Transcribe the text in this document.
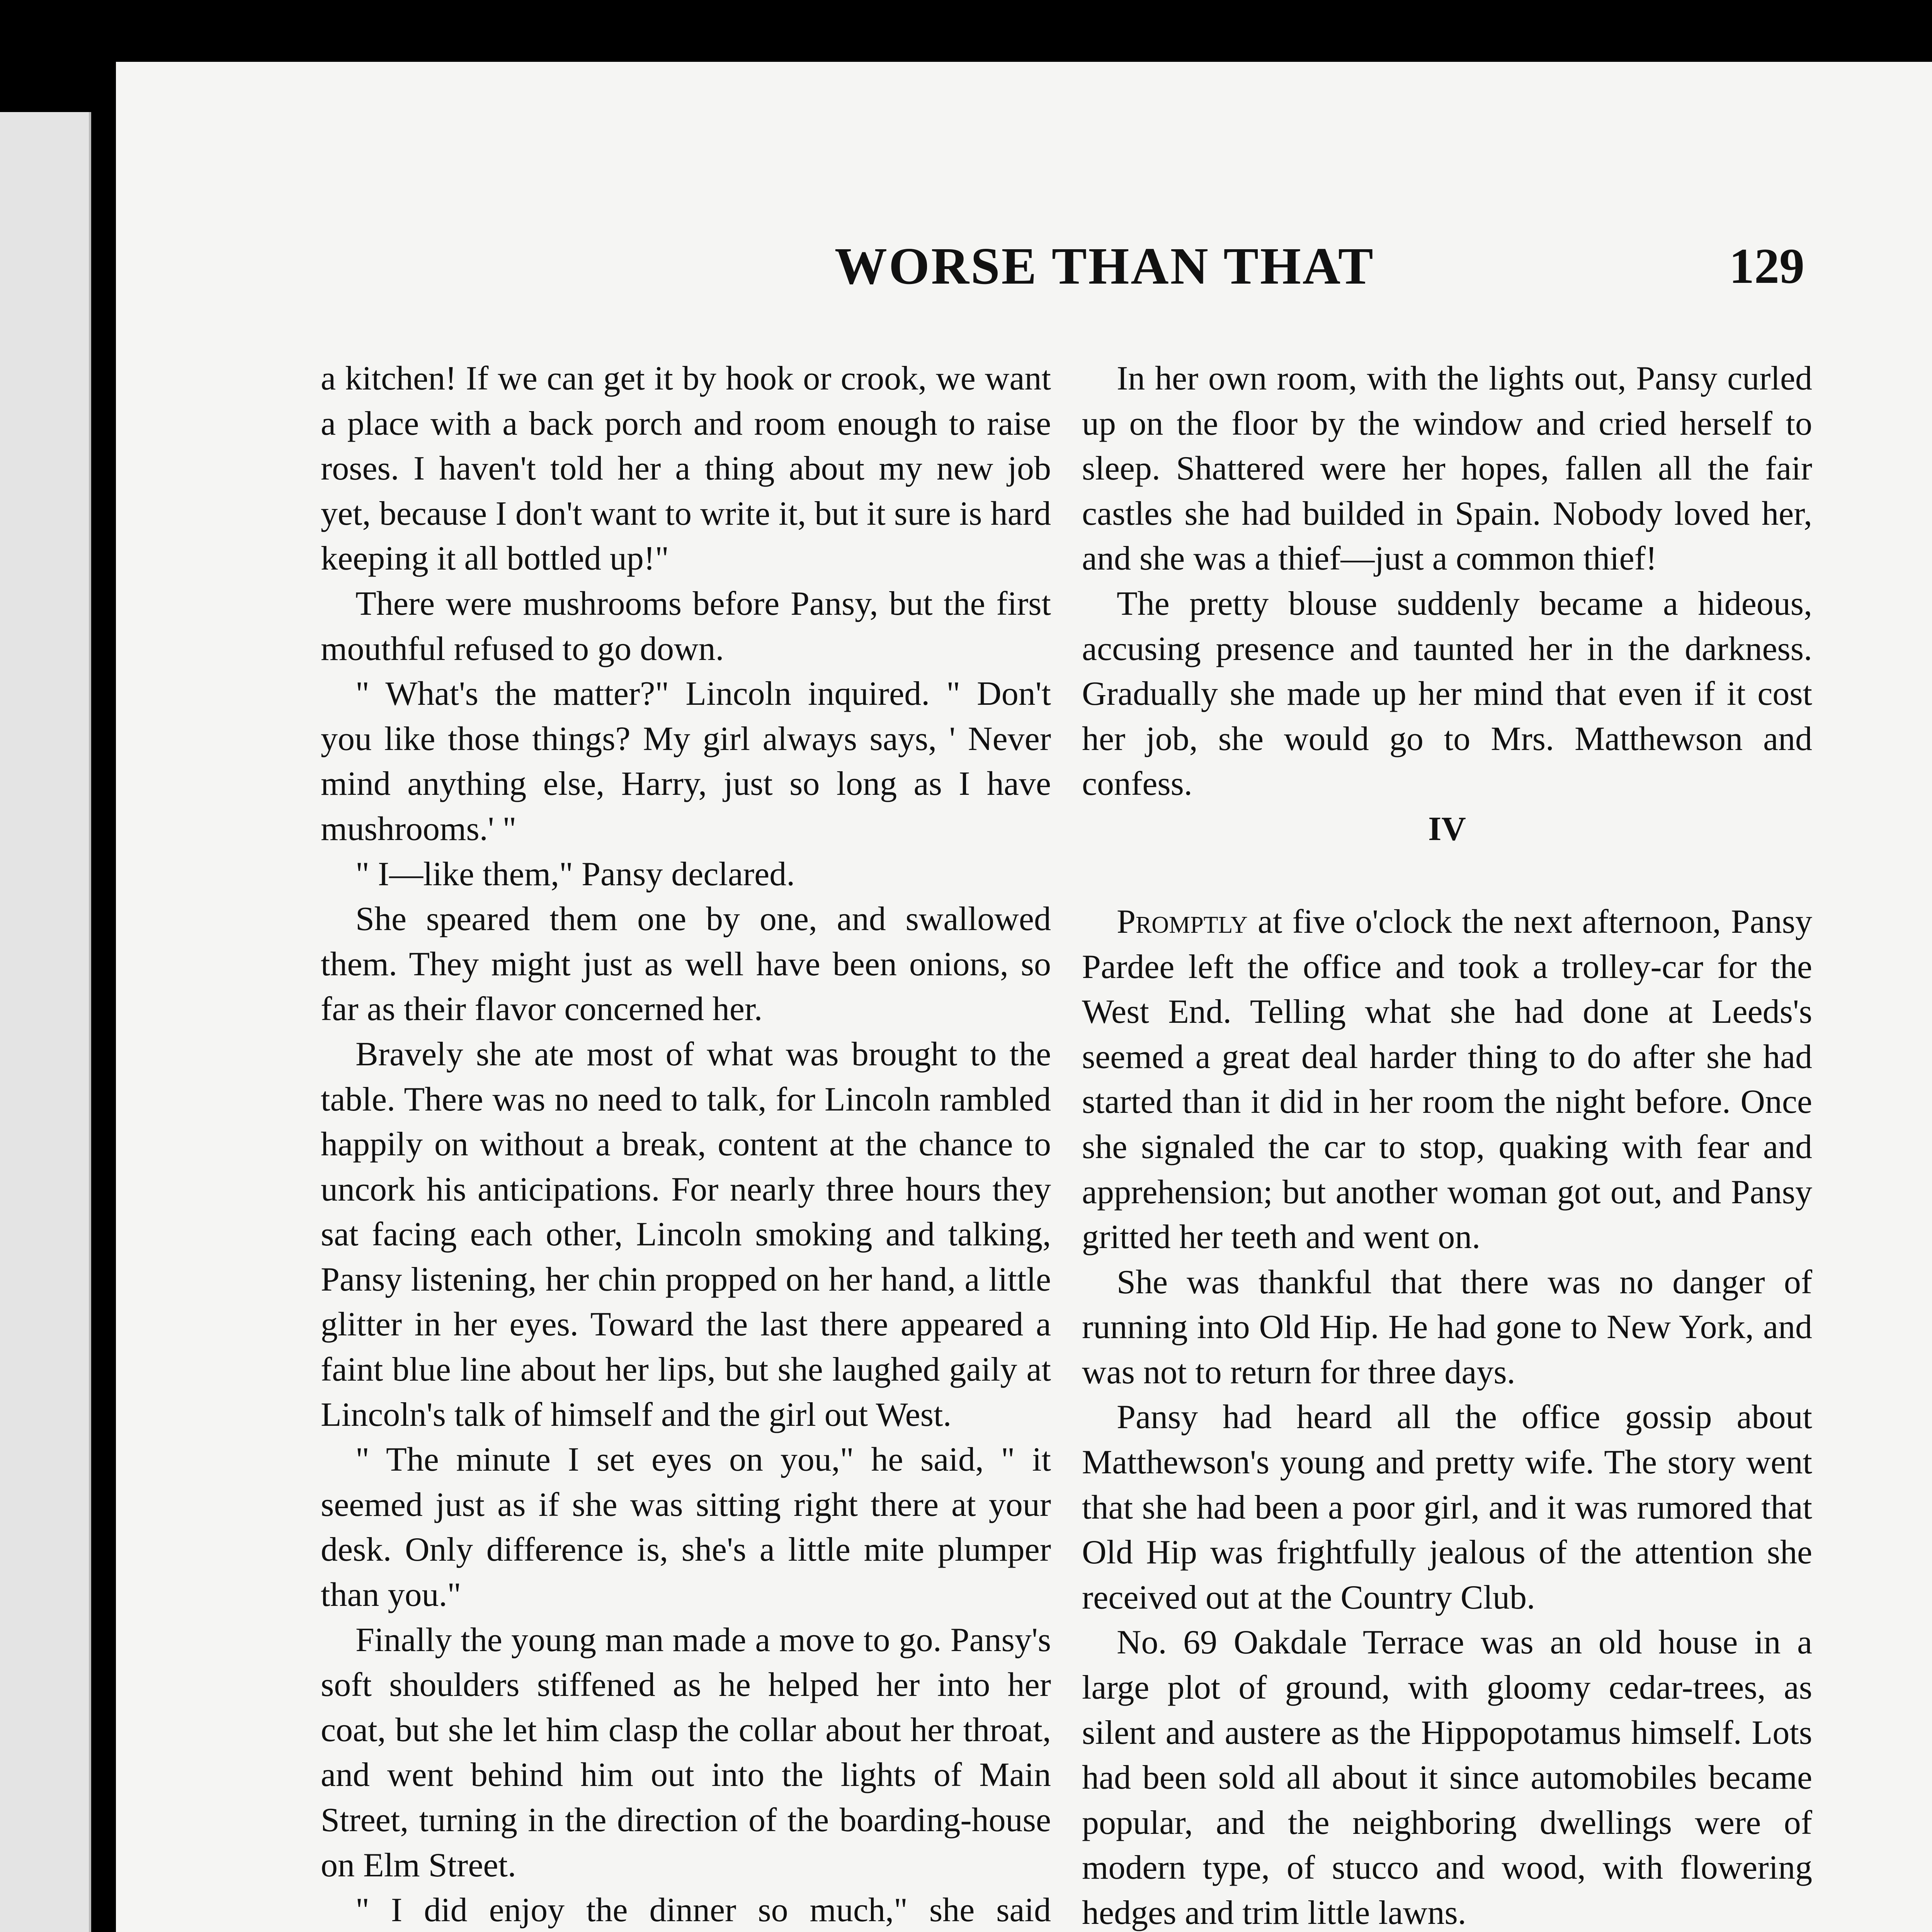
WORSE THAN THAT	129

a kitchen! If we can get it by hook or crook, we want a place with a back porch and room enough to raise roses. I haven't told her a thing about my new job yet, because I don't want to write it, but it sure is hard keeping it all bottled up!"

There were mushrooms before Pansy, but the first mouthful refused to go down.

" What's the matter?" Lincoln inquired. " Don't you like those things? My girl always says, ' Never mind anything else, Harry, just so long as I have mushrooms.' "

" I—like them," Pansy declared.

She speared them one by one, and swallowed them. They might just as well have been onions, so far as their flavor concerned her.

Bravely she ate most of what was brought to the table. There was no need to talk, for Lincoln rambled happily on without a break, content at the chance to uncork his anticipations. For nearly three hours they sat facing each other, Lincoln smoking and talking, Pansy listening, her chin propped on her hand, a little glitter in her eyes. Toward the last there appeared a faint blue line about her lips, but she laughed gaily at Lincoln's talk of himself and the girl out West.

" The minute I set eyes on you," he said, " it seemed just as if she was sitting right there at your desk. Only difference is, she's a little mite plumper than you."

Finally the young man made a move to go. Pansy's soft shoulders stiffened as he helped her into her coat, but she let him clasp the collar about her throat, and went behind him out into the lights of Main Street, turning in the direction of the boarding-house on Elm Street.

" I did enjoy the dinner so much," she said

In her own room, with the lights out, Pansy curled up on the floor by the window and cried herself to sleep. Shattered were her hopes, fallen all the fair castles she had builded in Spain. Nobody loved her, and she was a thief—just a common thief!

The pretty blouse suddenly became a hideous, accusing presence and taunted her in the darkness. Gradually she made up her mind that even if it cost her job, she would go to Mrs. Matthewson and confess.

IV

Promptly at five o'clock the next afternoon, Pansy Pardee left the office and took a trolley-car for the West End. Telling what she had done at Leeds's seemed a great deal harder thing to do after she had started than it did in her room the night before. Once she signaled the car to stop, quaking with fear and apprehension; but another woman got out, and Pansy gritted her teeth and went on.

She was thankful that there was no danger of running into Old Hip. He had gone to New York, and was not to return for three days.

Pansy had heard all the office gossip about Matthewson's young and pretty wife. The story went that she had been a poor girl, and it was rumored that Old Hip was frightfully jealous of the attention she received out at the Country Club.

No. 69 Oakdale Terrace was an old house in a large plot of ground, with gloomy cedar-trees, as silent and austere as the Hippopotamus himself. Lots had been sold all about it since automobiles became popular, and the neighboring dwellings were of modern type, of stucco and wood, with flowering hedges and trim little lawns.
